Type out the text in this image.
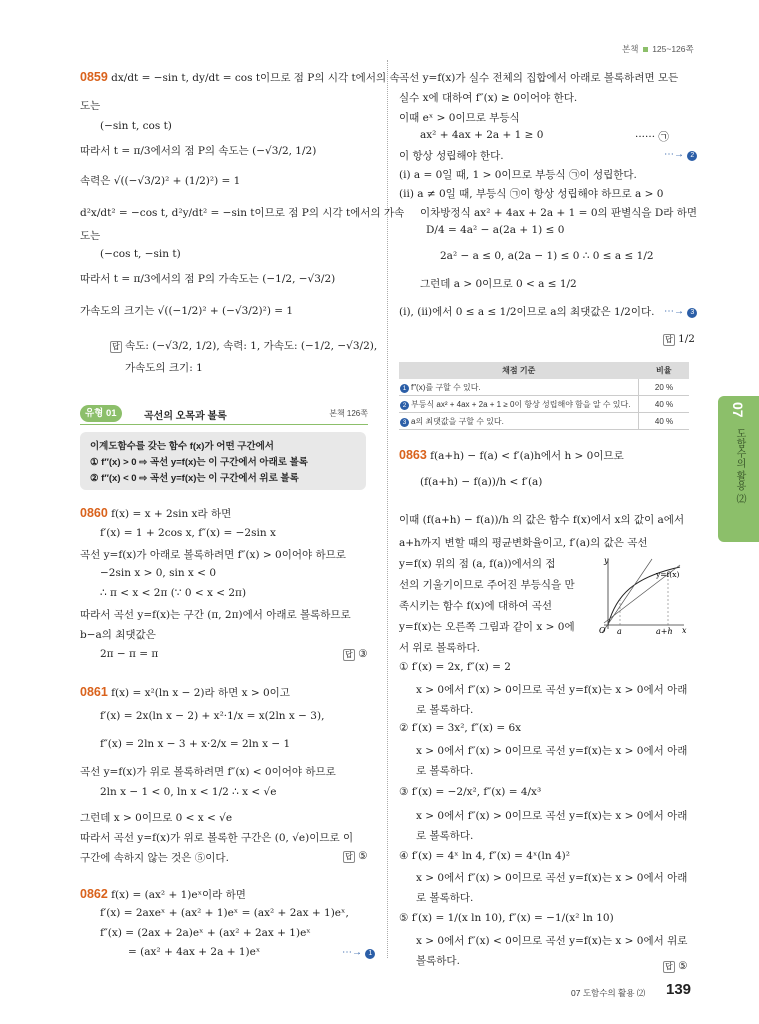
본책 125~126쪽
07
도함수의 활용 ⑵
0859 dx/dt = −sin t, dy/dt = cos t이므로 점 P의 시각 t에서의 속
도는
(−sin t, cos t)
따라서 t = π/3에서의 점 P의 속도는 (−√3/2, 1/2)
속력은 √((−√3/2)² + (1/2)²) = 1
d²x/dt² = −cos t, d²y/dt² = −sin t이므로 점 P의 시각 t에서의 가속
도는
(−cos t, −sin t)
따라서 t = π/3에서의 점 P의 가속도는 (−1/2, −√3/2)
가속도의 크기는 √((−1/2)² + (−√3/2)²) = 1
답 속도: (−√3/2, 1/2), 속력: 1, 가속도: (−1/2, −√3/2),
가속도의 크기: 1
유형 01	곡선의 오목과 볼록	본책 126쪽
이계도함수를 갖는 함수 f(x)가 어떤 구간에서
① f″(x) > 0 ⇨ 곡선 y=f(x)는 이 구간에서 아래로 볼록
② f″(x) < 0 ⇨ 곡선 y=f(x)는 이 구간에서 위로 볼록
0860 f(x) = x + 2sin x라 하면
f′(x) = 1 + 2cos x, f″(x) = −2sin x
곡선 y=f(x)가 아래로 볼록하려면 f″(x) > 0이어야 하므로
−2sin x > 0, sin x < 0
∴ π < x < 2π (∵ 0 < x < 2π)
따라서 곡선 y=f(x)는 구간 (π, 2π)에서 아래로 볼록하므로
b−a의 최댓값은
2π − π = π	답 ③
0861 f(x) = x²(ln x − 2)라 하면 x > 0이고
f′(x) = 2x(ln x − 2) + x²·1/x = x(2ln x − 3),
f″(x) = 2ln x − 3 + x·2/x = 2ln x − 1
곡선 y=f(x)가 위로 볼록하려면 f″(x) < 0이어야 하므로
2ln x − 1 < 0, ln x < 1/2 ∴ x < √e
그런데 x > 0이므로 0 < x < √e
따라서 곡선 y=f(x)가 위로 볼록한 구간은 (0, √e)이므로 이
구간에 속하지 않는 것은 ⑤이다.	답 ⑤
0862 f(x) = (ax² + 1)eˣ이라 하면
f′(x) = 2axeˣ + (ax² + 1)eˣ = (ax² + 2ax + 1)eˣ,
f″(x) = (2ax + 2a)eˣ + (ax² + 2ax + 1)eˣ
= (ax² + 4ax + 2a + 1)eˣ	⋯→ 1
곡선 y=f(x)가 실수 전체의 집합에서 아래로 볼록하려면 모든
실수 x에 대하여 f″(x) ≥ 0이어야 한다.
이때 eˣ > 0이므로 부등식
ax² + 4ax + 2a + 1 ≥ 0	······ ㉠
이 항상 성립해야 한다.	⋯→ 2
(i) a = 0일 때, 1 > 0이므로 부등식 ㉠이 성립한다.
(ii) a ≠ 0일 때, 부등식 ㉠이 항상 성립해야 하므로 a > 0
이차방정식 ax² + 4ax + 2a + 1 = 0의 판별식을 D라 하면
D/4 = 4a² − a(2a + 1) ≤ 0
2a² − a ≤ 0, a(2a − 1) ≤ 0 ∴ 0 ≤ a ≤ 1/2
그런데 a > 0이므로 0 < a ≤ 1/2
(i), (ii)에서 0 ≤ a ≤ 1/2이므로 a의 최댓값은 1/2이다. ⋯→ 3
답 1/2
채점 기준	비율
1 f″(x)를 구할 수 있다.	20 %
2 부등식 ax² + 4ax + 2a + 1 ≥ 0이 항상 성립해야 함을 알 수 있다.	40 %
3 a의 최댓값을 구할 수 있다.	40 %
0863 f(a+h) − f(a) < f′(a)h에서 h > 0이므로
(f(a+h) − f(a))/h < f′(a)
이때 (f(a+h) − f(a))/h 의 값은 함수 f(x)에서 x의 값이 a에서
a+h까지 변할 때의 평균변화율이고, f′(a)의 값은 곡선
y=f(x) 위의 점 (a, f(a))에서의 접
선의 기울기이므로 주어진 부등식을 만
족시키는 함수 f(x)에 대하여 곡선
y=f(x)는 오른쪽 그림과 같이 x > 0에
서 위로 볼록하다.
y
y=f(x)
O a	a+h x
① f′(x) = 2x, f″(x) = 2
x > 0에서 f″(x) > 0이므로 곡선 y=f(x)는 x > 0에서 아래
로 볼록하다.
② f′(x) = 3x², f″(x) = 6x
x > 0에서 f″(x) > 0이므로 곡선 y=f(x)는 x > 0에서 아래
로 볼록하다.
③ f′(x) = −2/x², f″(x) = 4/x³
x > 0에서 f″(x) > 0이므로 곡선 y=f(x)는 x > 0에서 아래
로 볼록하다.
④ f′(x) = 4ˣ ln 4, f″(x) = 4ˣ(ln 4)²
x > 0에서 f″(x) > 0이므로 곡선 y=f(x)는 x > 0에서 아래
로 볼록하다.
⑤ f′(x) = 1/(x ln 10), f″(x) = −1/(x² ln 10)
x > 0에서 f″(x) < 0이므로 곡선 y=f(x)는 x > 0에서 위로
볼록하다.	답 ⑤
07 도함수의 활용 ⑵ 139
